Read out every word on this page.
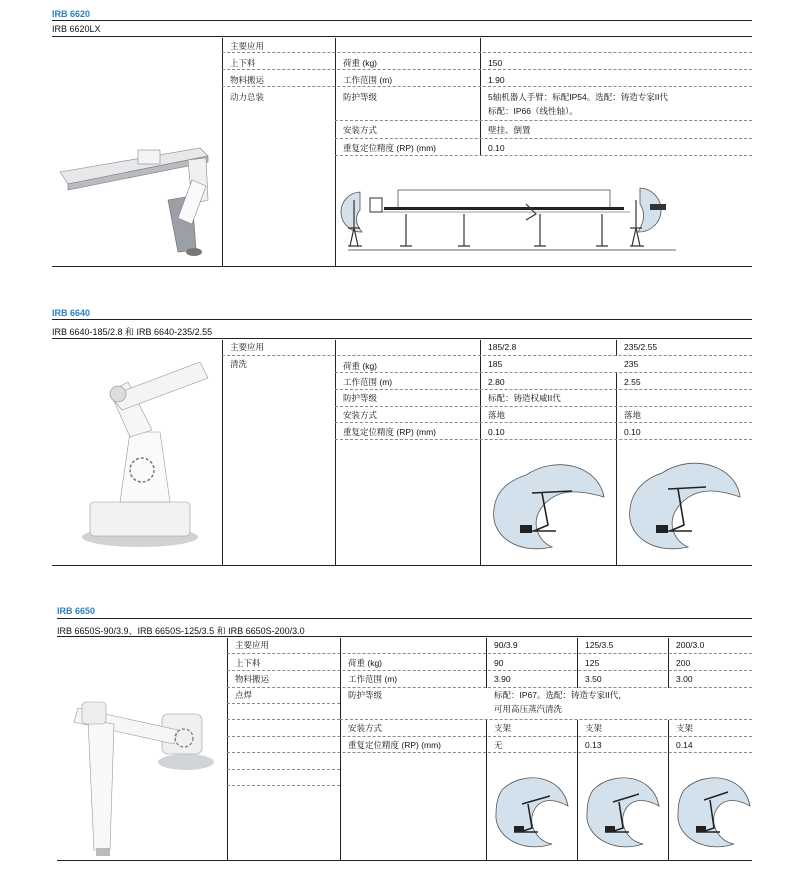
IRB 6620
IRB 6620LX
主要应用
上下料
物料搬运
动力总装
荷重 (kg)	150
工作范围 (m)	1.90
防护等级	5轴机器人手臂：标配IP54。选配：铸造专家II代
标配：IP66（线性轴）。
安装方式	壁挂、倒置
重复定位精度 (RP) (mm)	0.10
IRB 6640
IRB 6640-185/2.8 和 IRB 6640-235/2.55
主要应用	185/2.8	235/2.55
清洗	荷重 (kg)	185	235
工作范围 (m)	2.80	2.55
防护等级	标配：铸造权威II代
安装方式	落地	落地
重复定位精度 (RP) (mm)	0.10	0.10
IRB 6650
IRB 6650S-90/3.9、IRB 6650S-125/3.5 和 IRB 6650S-200/3.0
主要应用	90/3.9	125/3.5	200/3.0
上下料
物料搬运
点焊
荷重 (kg)	90	125	200
工作范围 (m)	3.90	3.50	3.00
防护等级	标配：IP67。选配：铸造专家II代，
可用高压蒸汽清洗
安装方式	支架	支架	支架
重复定位精度 (RP) (mm)	无	0.13	0.14
